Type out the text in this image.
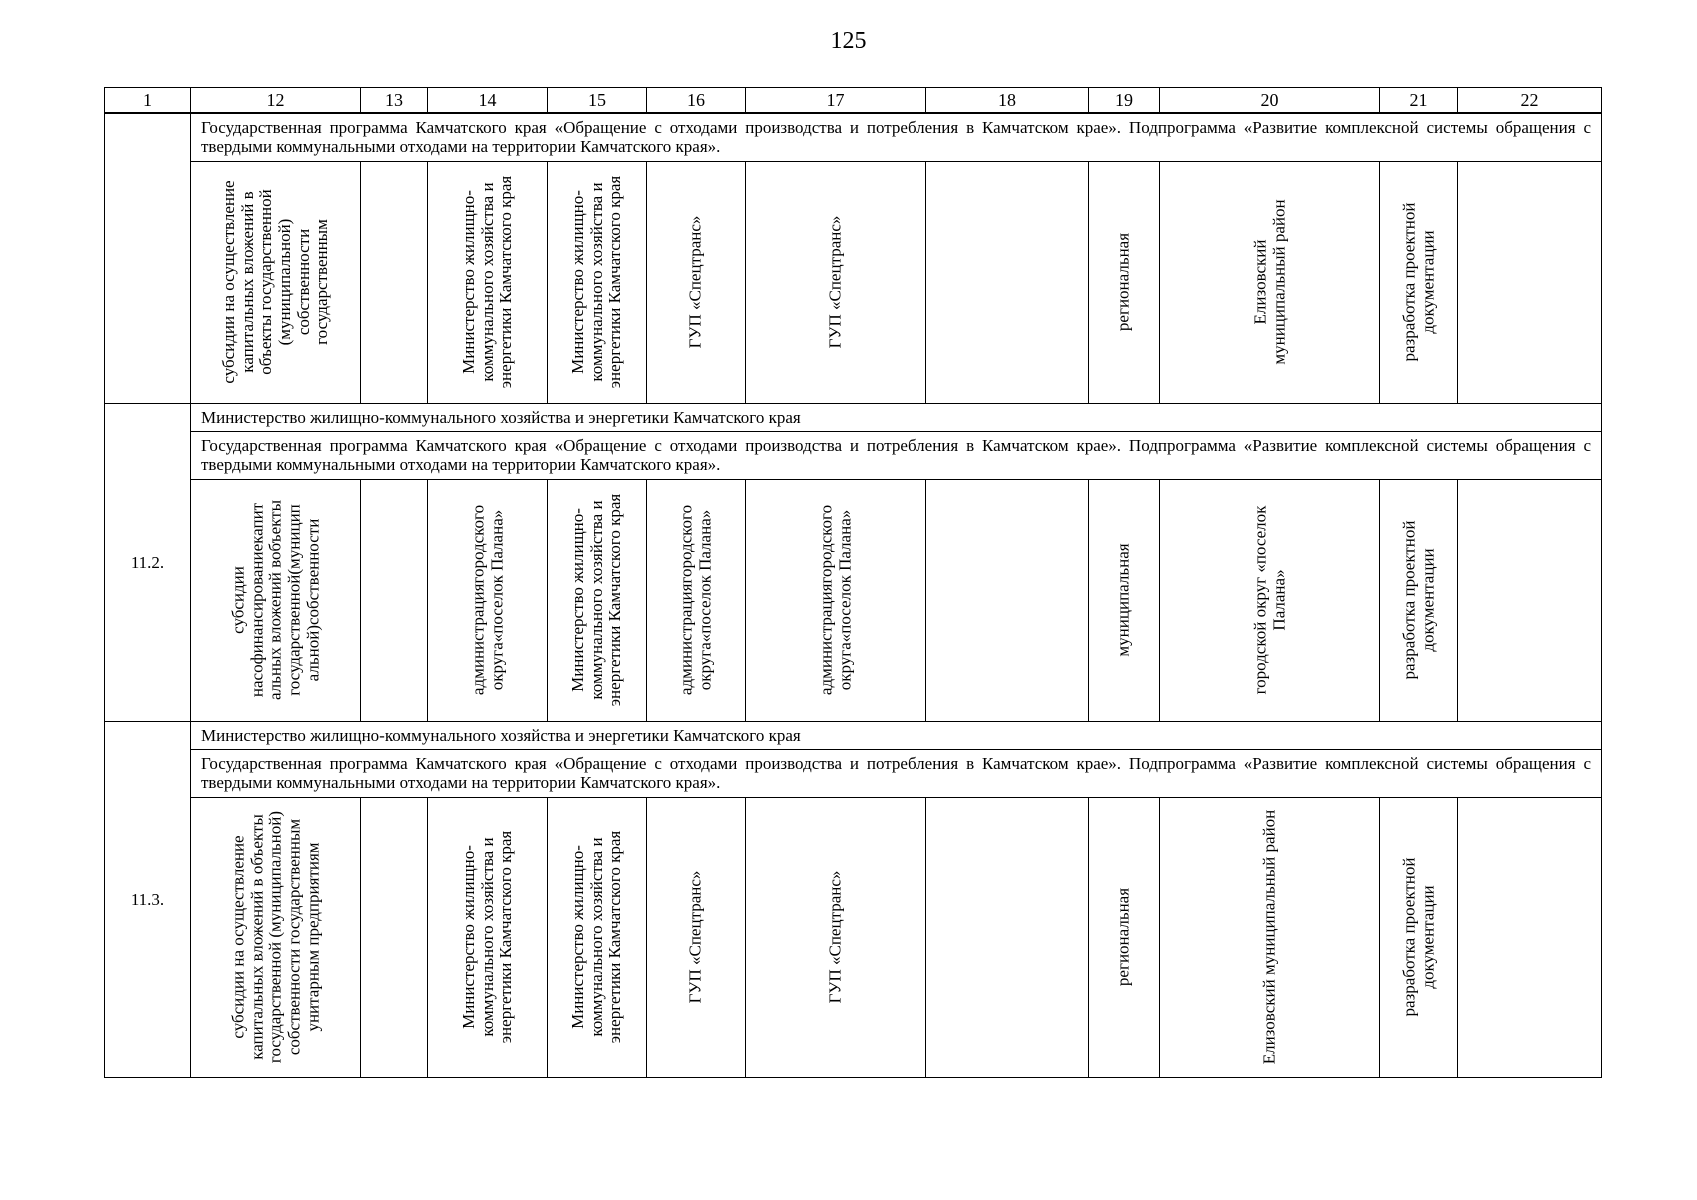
125
1	12	13	14	15	16	17	18	19	20	21	22
	Государственная программа Камчатского края «Обращение с отходами производства и потребления в Камчатском крае». Подпрограмма «Развитие комплексной системы обращения с твердыми коммунальными отходами на территории Камчатского края».										

	субсидии на осуществление капитальных вложений в объекты государственной (муниципальной) собственности государственным		Министерство жилищно-коммунального хозяйства и энергетики Камчатского края	Министерство жилищно-коммунального хозяйства и энергетики Камчатского края	ГУП «Спецтранс»	ГУП «Спецтранс»		региональная	Елизовский муниципальный район	разработка проектной документации	

11.2.	Министерство жилищно-коммунального хозяйства и энергетики Камчатского края										
	Государственная программа Камчатского края «Обращение с отходами производства и потребления в Камчатском крае». Подпрограмма «Развитие комплексной системы обращения с твердыми коммунальными отходами на территории Камчатского края».										

	субсидии насофинансированиекапит альных вложений вобъекты государственной(муницип альной)собственности		администрациягородского округа«поселок Палана»	Министерство жилищно-коммунального хозяйства и энергетики Камчатского края	администрациягородского округа«поселок Палана»	администрациягородского округа«поселок Палана»		муниципальная	городской округ «поселок Палана»	разработка проектной документации	

11.3.	Министерство жилищно-коммунального хозяйства и энергетики Камчатского края										
	Государственная программа Камчатского края «Обращение с отходами производства и потребления в Камчатском крае». Подпрограмма «Развитие комплексной системы обращения с твердыми коммунальными отходами на территории Камчатского края».										

	субсидии на осуществление капитальных вложений в объекты государственной (муниципальной) собственности государственным унитарным предприятиям		Министерство жилищно-коммунального хозяйства и энергетики Камчатского края	Министерство жилищно-коммунального хозяйства и энергетики Камчатского края	ГУП «Спецтранс»	ГУП «Спецтранс»		региональная	Елизовский муниципальный район	разработка проектной документации	
